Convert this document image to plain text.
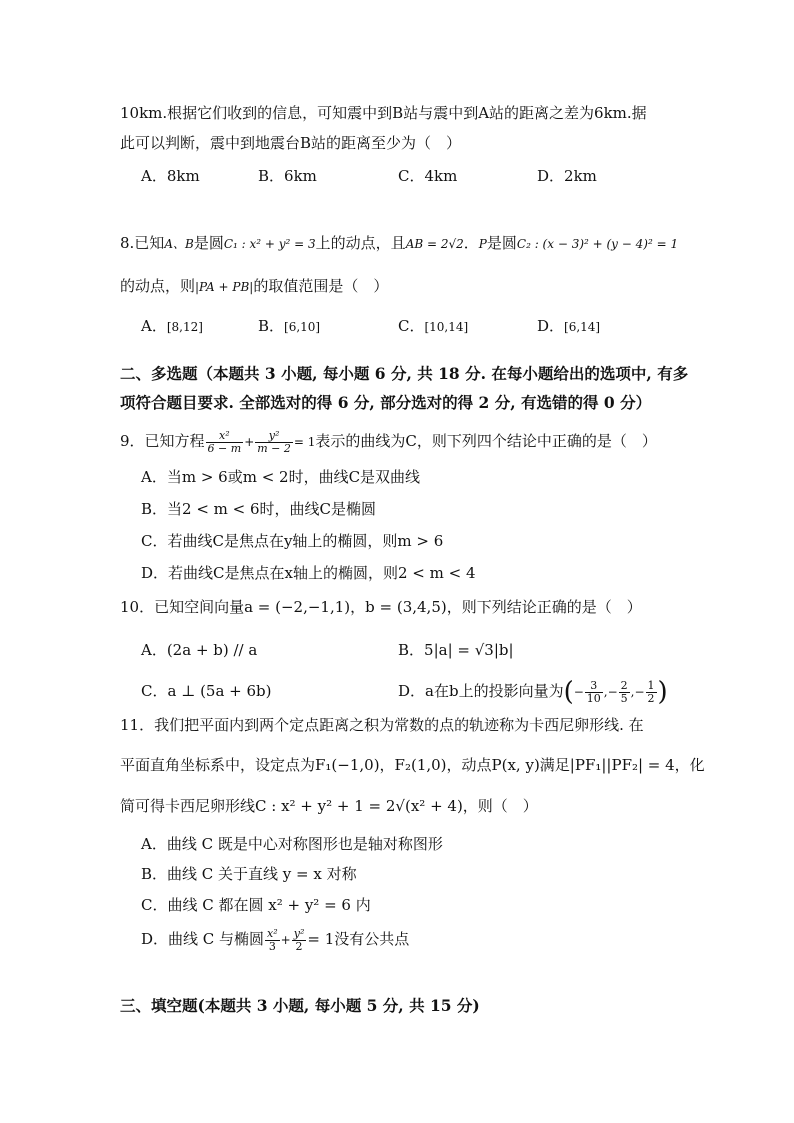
10km.根据它们收到的信息，可知震中到B站与震中到A站的距离之差为6km.据
此可以判断，震中到地震台B站的距离至少为（　）
A．8km	B．6km	C．4km	D．2km
8.已知A、B是圆C₁ : x² + y² = 3上的动点，且AB = 2√2．P是圆C₂ : (x − 3)² + (y − 4)² = 1
的动点，则|PA + PB|的取值范围是（　）
A．[8,12]	B．[6,10]	C．[10,14]	D．[6,14]
二、多选题（本题共 3 小题, 每小题 6 分, 共 18 分. 在每小题给出的选项中, 有多
项符合题目要求. 全部选对的得 6 分, 部分选对的得 2 分, 有选错的得 0 分）
9．已知方程 $\frac{\text{x²}}{6 - m} + \frac{\text{y²}}{m - 2} = 1$表示的曲线为C，则下列四个结论中正确的是（　）
A．当m > 6或m < 2时，曲线C是双曲线
B．当2 < m < 6时，曲线C是椭圆
C．若曲线C是焦点在y轴上的椭圆，则m > 6
D．若曲线C是焦点在x轴上的椭圆，则2 < m < 4
10．已知空间向量a = (−2,−1,1)，b = (3,4,5)，则下列结论正确的是（　）
A．(2a + b) // a	B．5|a| = √3|b|
C．a ⊥ (5a + 6b)	D．a在b上的投影向量为(− $\frac{3}{10}$ ,− $\frac{2}{5}$ ,− $\frac{1}{2}$ )
11．我们把平面内到两个定点距离之积为常数的点的轨迹称为卡西尼卵形线. 在
平面直角坐标系中，设定点为F₁(−1,0)，F₂(1,0)，动点P(x, y)满足|PF₁||PF₂| = 4，化
简可得卡西尼卵形线C : x² + y² + 1 = 2√(x² + 4)，则（　）
A．曲线 C 既是中心对称图形也是轴对称图形
B．曲线 C 关于直线 y = x 对称
C．曲线 C 都在圆 x² + y² = 6 内
D．曲线 C 与椭圆 $\frac{\text{x²}}{3} + \frac{\text{y²}}{2} = 1$没有公共点
三、填空题(本题共 3 小题, 每小题 5 分, 共 15 分)
